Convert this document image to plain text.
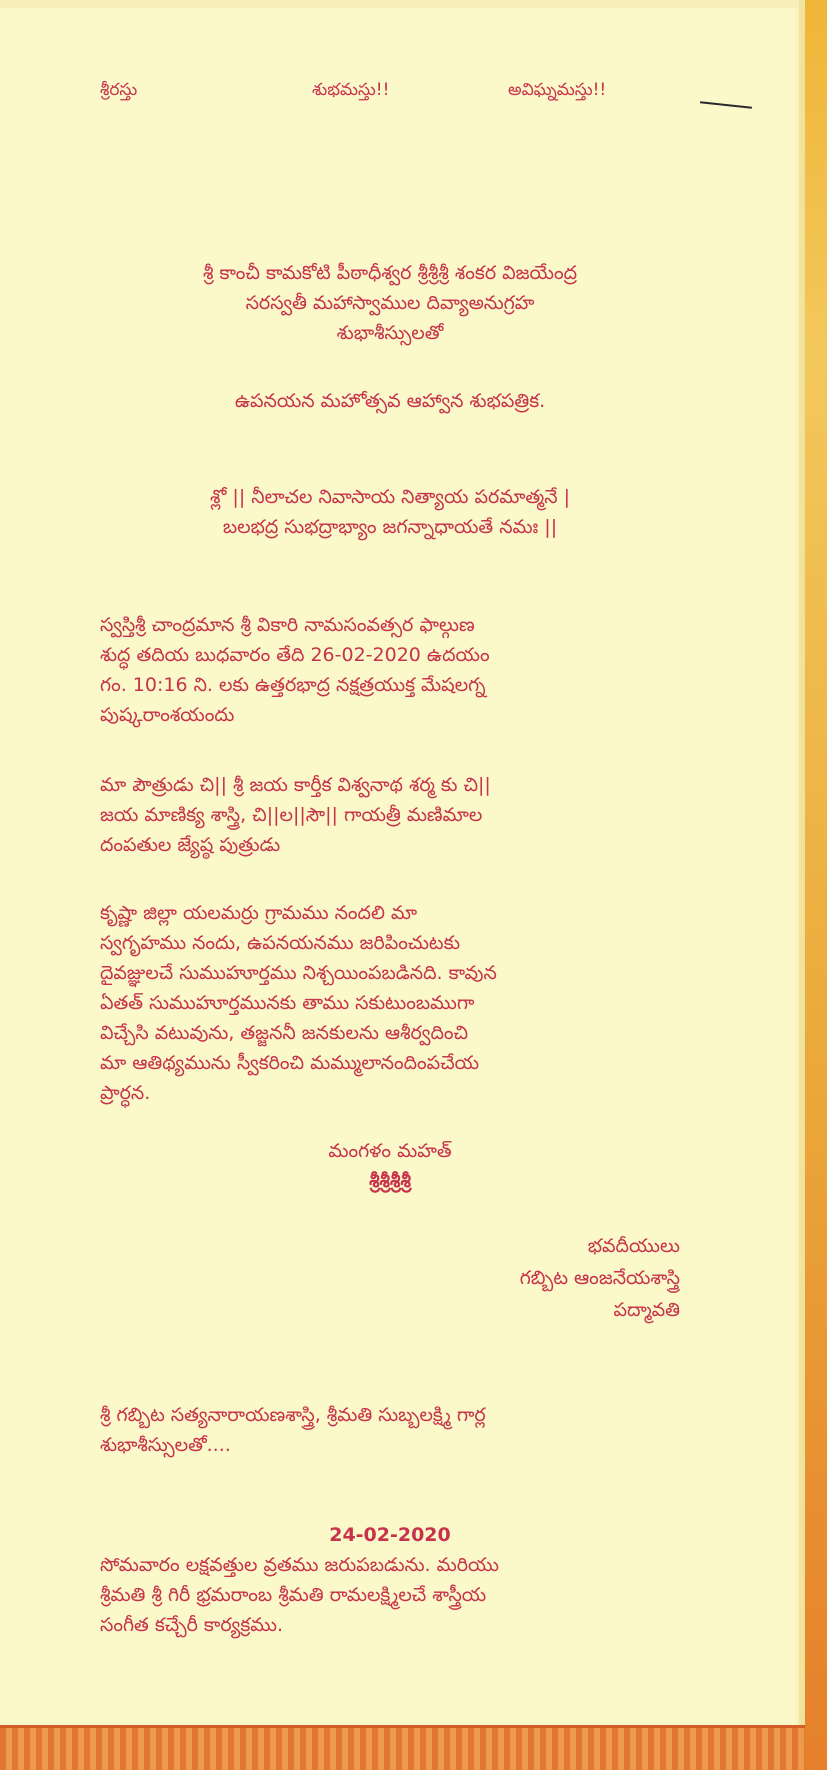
శ్రీరస్తు	శుభమస్తు!!	అవిఘ్నమస్తు!!
శ్రీ కాంచీ కామకోటి పీఠాధీశ్వర శ్రీశ్రీశ్రీ శంకర విజయేంద్ర
సరస్వతీ మహాస్వాముల దివ్యాఅనుగ్రహ
శుభాశీస్సులతో
ఉపనయన మహోత్సవ ఆహ్వాన శుభపత్రిక.
శ్లో || నీలాచల నివాసాయ నిత్యాయ పరమాత్మనే |
బలభద్ర సుభద్రాభ్యాం జగన్నాధాయతే నమః ||
స్వస్తిశ్రీ చాంద్రమాన శ్రీ వికారి నామసంవత్సర ఫాల్గుణ
శుద్ధ తదియ బుధవారం తేది 26-02-2020 ఉదయం
గం. 10:16 ని. లకు ఉత్తరభాద్ర నక్షత్రయుక్త మేషలగ్న
పుష్కరాంశయందు
మా పౌత్రుడు చి|| శ్రీ జయ కార్తీక విశ్వనాథ శర్మ కు చి||
జయ మాణిక్య శాస్త్రి, చి||ల||సౌ|| గాయత్రీ మణిమాల
దంపతుల జ్యేష్ఠ పుత్రుడు
కృష్ణా జిల్లా యలమర్రు గ్రామము నందలి మా
స్వగృహము నందు, ఉపనయనము జరిపించుటకు
దైవజ్ఞులచే సుముహూర్తము నిశ్చయింపబడినది. కావున
ఏతత్ సుముహూర్తమునకు తాము సకుటుంబముగా
విచ్చేసి వటువును, తజ్జననీ జనకులను ఆశీర్వదించి
మా ఆతిథ్యమును స్వీకరించి మమ్ములానందింపచేయ
ప్రార్ధన.
మంగళం మహత్
శ్రీశ్రీశ్రీశ్రీ
భవదీయులు
గబ్బిట ఆంజనేయశాస్త్రి
పద్మావతి
శ్రీ గబ్బిట సత్యనారాయణశాస్త్రి, శ్రీమతి సుబ్బలక్ష్మి గార్ల
శుభాశీస్సులతో....
24-02-2020
సోమవారం లక్షవత్తుల వ్రతము జరుపబడును. మరియు
శ్రీమతి శ్రీ గిరీ భ్రమరాంబ శ్రీమతి రామలక్ష్మిలచే శాస్త్రీయ
సంగీత కచ్చేరీ కార్యక్రము.
